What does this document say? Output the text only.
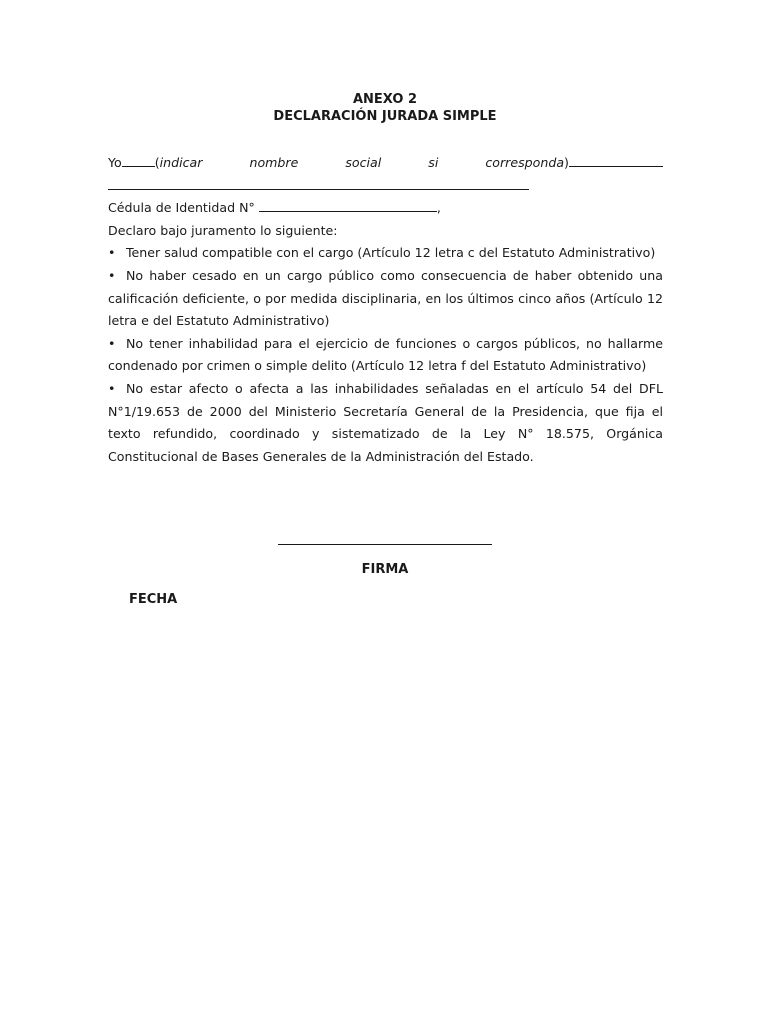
ANEXO 2
DECLARACIÓN JURADA SIMPLE
Yo	(indicar	nombre	social	si	corresponda)
Cédula de Identidad N°	,
Declaro bajo juramento lo siguiente:
• Tener salud compatible con el cargo (Artículo 12 letra c del Estatuto Administrativo)
• No haber cesado en un cargo público como consecuencia de haber obtenido una calificación deficiente, o por medida disciplinaria, en los últimos cinco años (Artículo 12 letra e del Estatuto Administrativo)
• No tener inhabilidad para el ejercicio de funciones o cargos públicos, no hallarme condenado por crimen o simple delito (Artículo 12 letra f del Estatuto Administrativo)
• No estar afecto o afecta a las inhabilidades señaladas en el artículo 54 del DFL N°1/19.653 de 2000 del Ministerio Secretaría General de la Presidencia, que fija el texto refundido, coordinado y sistematizado de la Ley N° 18.575, Orgánica Constitucional de Bases Generales de la Administración del Estado.
FIRMA
FECHA
